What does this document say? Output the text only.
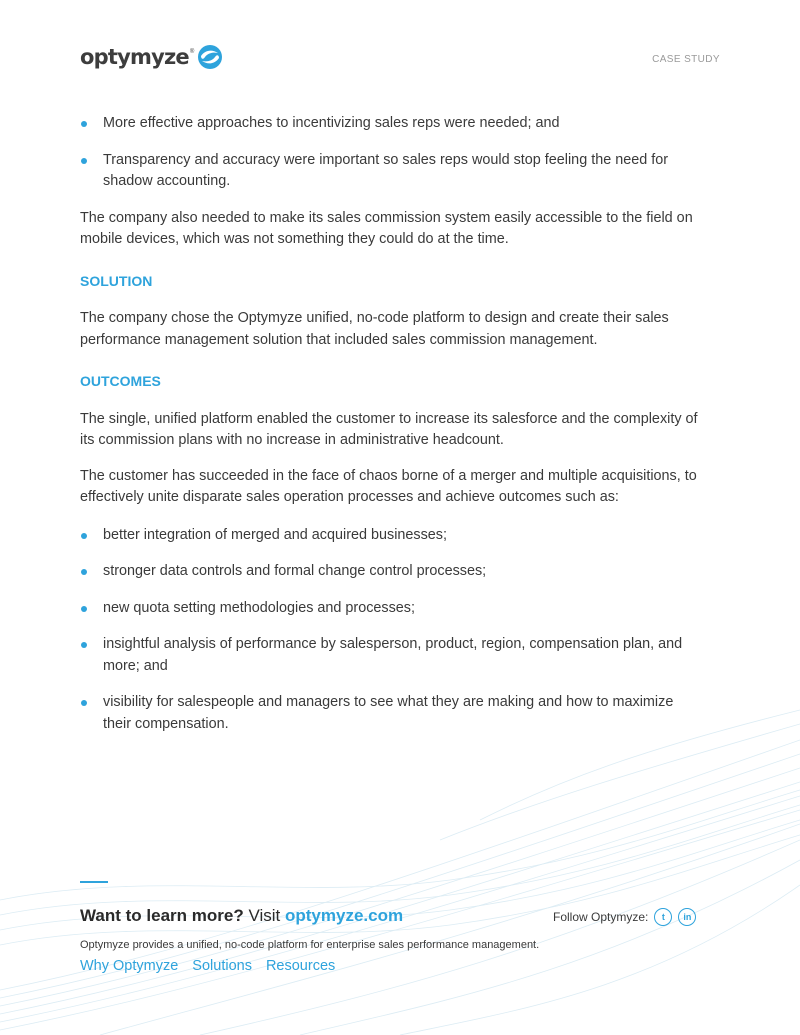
optymyze ®
CASE STUDY
More effective approaches to incentivizing sales reps were needed; and
Transparency and accuracy were important so sales reps would stop feeling the need for shadow accounting.

The company also needed to make its sales commission system easily accessible to the field on mobile devices, which was not something they could do at the time.

SOLUTION

The company chose the Optymyze unified, no-code platform to design and create their sales performance management solution that included sales commission management.

OUTCOMES

The single, unified platform enabled the customer to increase its salesforce and the complexity of its commission plans with no increase in administrative headcount.

The customer has succeeded in the face of chaos borne of a merger and multiple acquisitions, to effectively unite disparate sales operation processes and achieve outcomes such as:

better integration of merged and acquired businesses;
stronger data controls and formal change control processes;
new quota setting methodologies and processes;
insightful analysis of performance by salesperson, product, region, compensation plan, and more; and
visibility for salespeople and managers to see what they are making and how to maximize their compensation.
Want to learn more? Visit optymyze.com	Follow Optymyze:	t	in
Optymyze provides a unified, no-code platform for enterprise sales performance management.
Why Optymyze Solutions Resources
